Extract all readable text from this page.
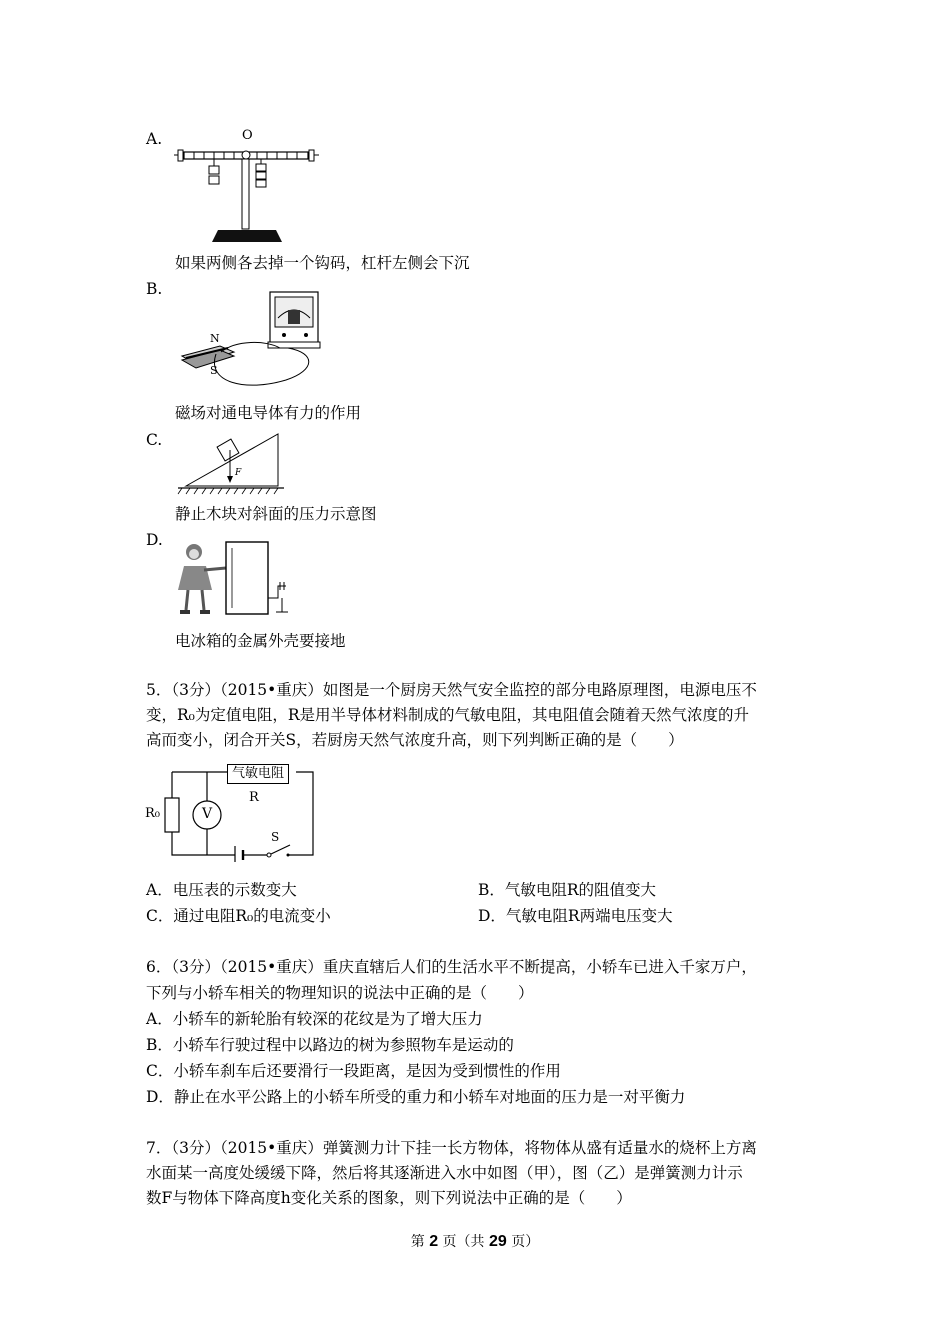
A.	O
如果两侧各去掉一个钩码，杠杆左侧会下沉
B.
N
S
磁场对通电导体有力的作用
C.
F
静止木块对斜面的压力示意图
D.
电冰箱的金属外壳要接地
5．（3分）（2015•重庆）如图是一个厨房天然气安全监控的部分电路原理图，电源电压不
变，R₀为定值电阻，R是用半导体材料制成的气敏电阻，其电阻值会随着天然气浓度的升
高而变小，闭合开关S，若厨房天然气浓度升高，则下列判断正确的是（　　）
气敏电阻
R
R₀	V
S
A．电压表的示数变大	B．气敏电阻R的阻值变大
C．通过电阻R₀的电流变小	D．气敏电阻R两端电压变大
6．（3分）（2015•重庆）重庆直辖后人们的生活水平不断提高，小轿车已进入千家万户，
下列与小轿车相关的物理知识的说法中正确的是（　　）
A．小轿车的新轮胎有较深的花纹是为了增大压力
B．小轿车行驶过程中以路边的树为参照物车是运动的
C．小轿车刹车后还要滑行一段距离，是因为受到惯性的作用
D．静止在水平公路上的小轿车所受的重力和小轿车对地面的压力是一对平衡力
7．（3分）（2015•重庆）弹簧测力计下挂一长方物体，将物体从盛有适量水的烧杯上方离
水面某一高度处缓缓下降，然后将其逐渐进入水中如图（甲），图（乙）是弹簧测力计示
数F与物体下降高度h变化关系的图象，则下列说法中正确的是（　　）
第 2 页（共 29 页）
